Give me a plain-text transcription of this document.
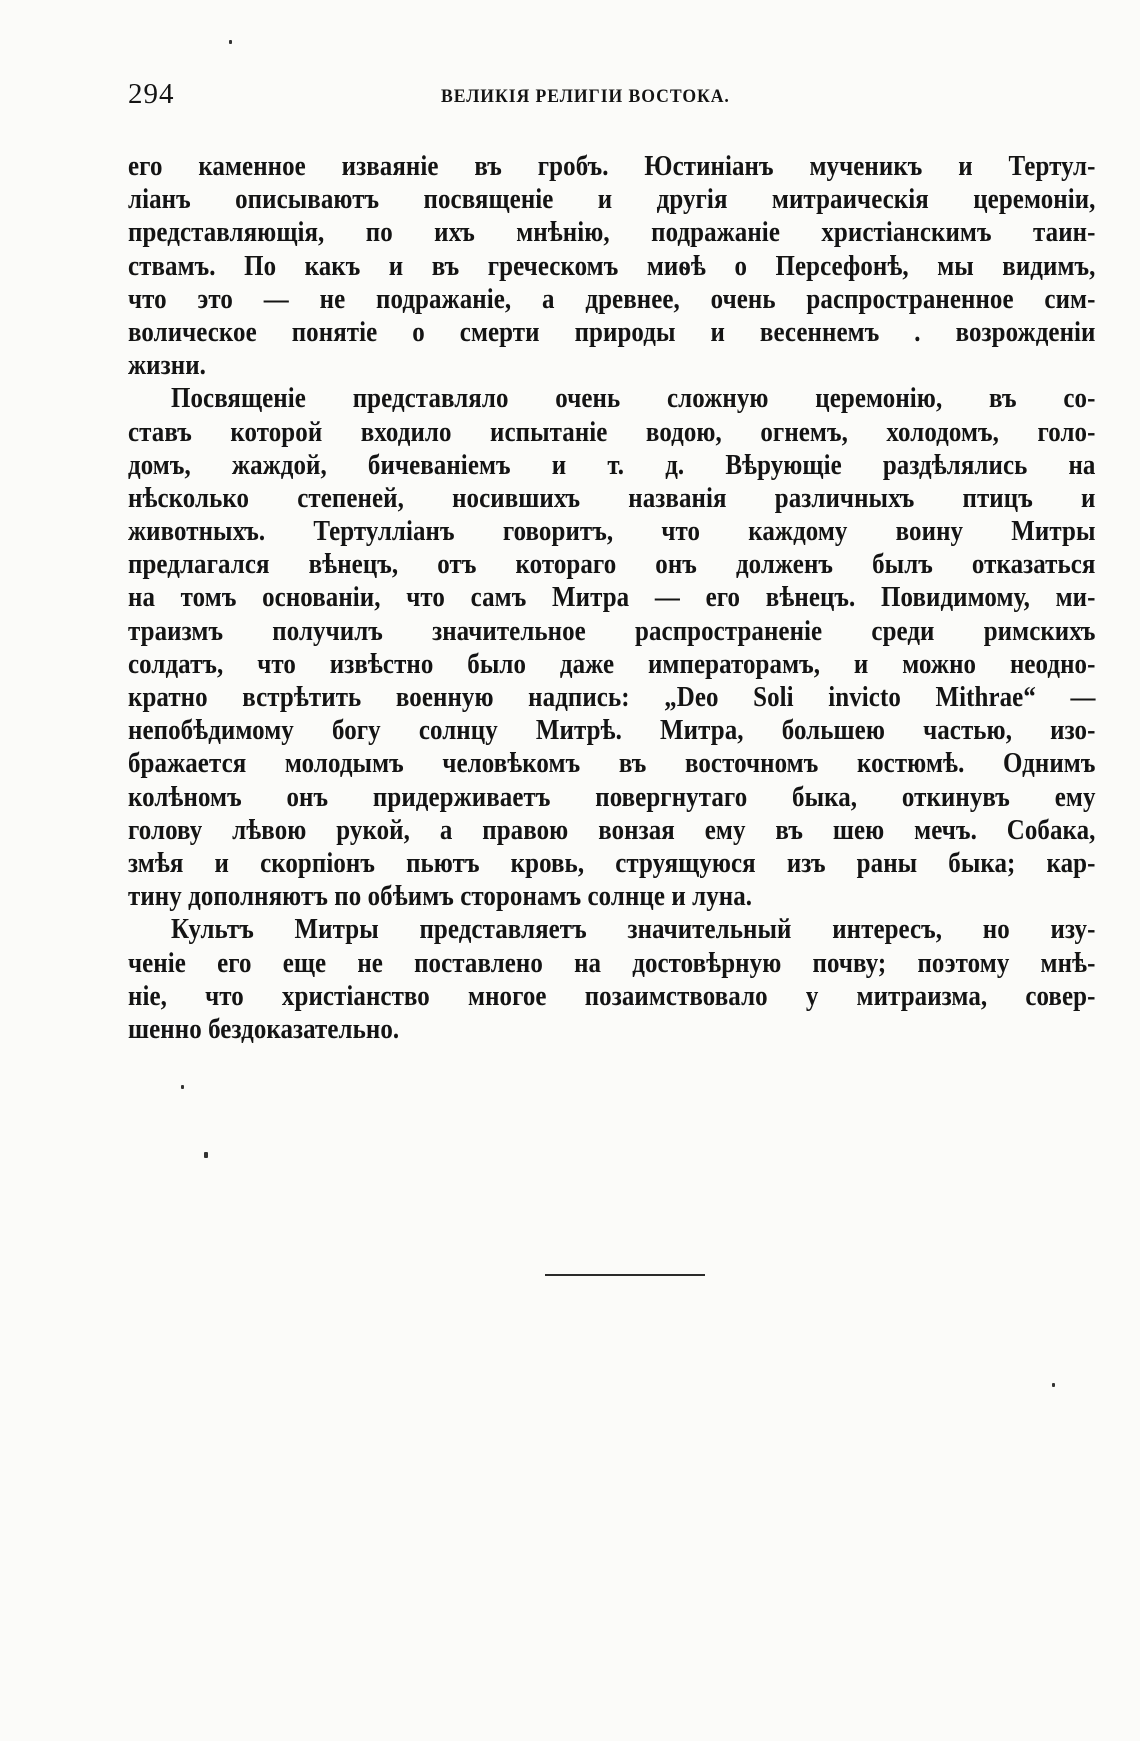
294	ВЕЛИКІЯ РЕЛИГІИ ВОСТОКА.

его каменное изваяніе въ гробъ. Юстиніанъ мученикъ и Тертул-
ліанъ описываютъ посвященіе и другія митраическія церемоніи,
представляющія, по ихъ мнѣнію, подражаніе христіанскимъ таин-
ствамъ. По какъ и въ греческомъ миѳѣ о Персефонѣ, мы видимъ,
что это — не подражаніе, а древнее, очень распространенное сим-
волическое понятіе о смерти природы и весеннемъ . возрожденіи
жизни.

Посвященіе представляло очень сложную церемонію, въ со-
ставъ которой входило испытаніе водою, огнемъ, холодомъ, голо-
домъ, жаждой, бичеваніемъ и т. д. Вѣрующіе раздѣлялись на
нѣсколько степеней, носившихъ названія различныхъ птицъ и
животныхъ. Тертулліанъ говоритъ, что каждому воину Митры
предлагался вѣнецъ, отъ котораго онъ долженъ былъ отказаться
на томъ основаніи, что самъ Митра — его вѣнецъ. Повидимому, ми-
траизмъ получилъ значительное распространеніе среди римскихъ
солдатъ, что извѣстно было даже императорамъ, и можно неодно-
кратно встрѣтить военную надпись: „Deo Soli invicto Mithrae“ —
непобѣдимому богу солнцу Митрѣ. Митра, большею частью, изо-
бражается молодымъ человѣкомъ въ восточномъ костюмѣ. Однимъ
колѣномъ онъ придерживаетъ повергнутаго быка, откинувъ ему
голову лѣвою рукой, а правою вонзая ему въ шею мечъ. Собака,
змѣя и скорпіонъ пьютъ кровь, струящуюся изъ раны быка; кар-
тину дополняютъ по обѣимъ сторонамъ солнце и луна.

Культъ Митры представляетъ значительный интересъ, но изу-
ченіе его еще не поставлено на достовѣрную почву; поэтому мнѣ-
ніе, что христіанство многое позаимствовало у митраизма, совер-
шенно бездоказательно.
